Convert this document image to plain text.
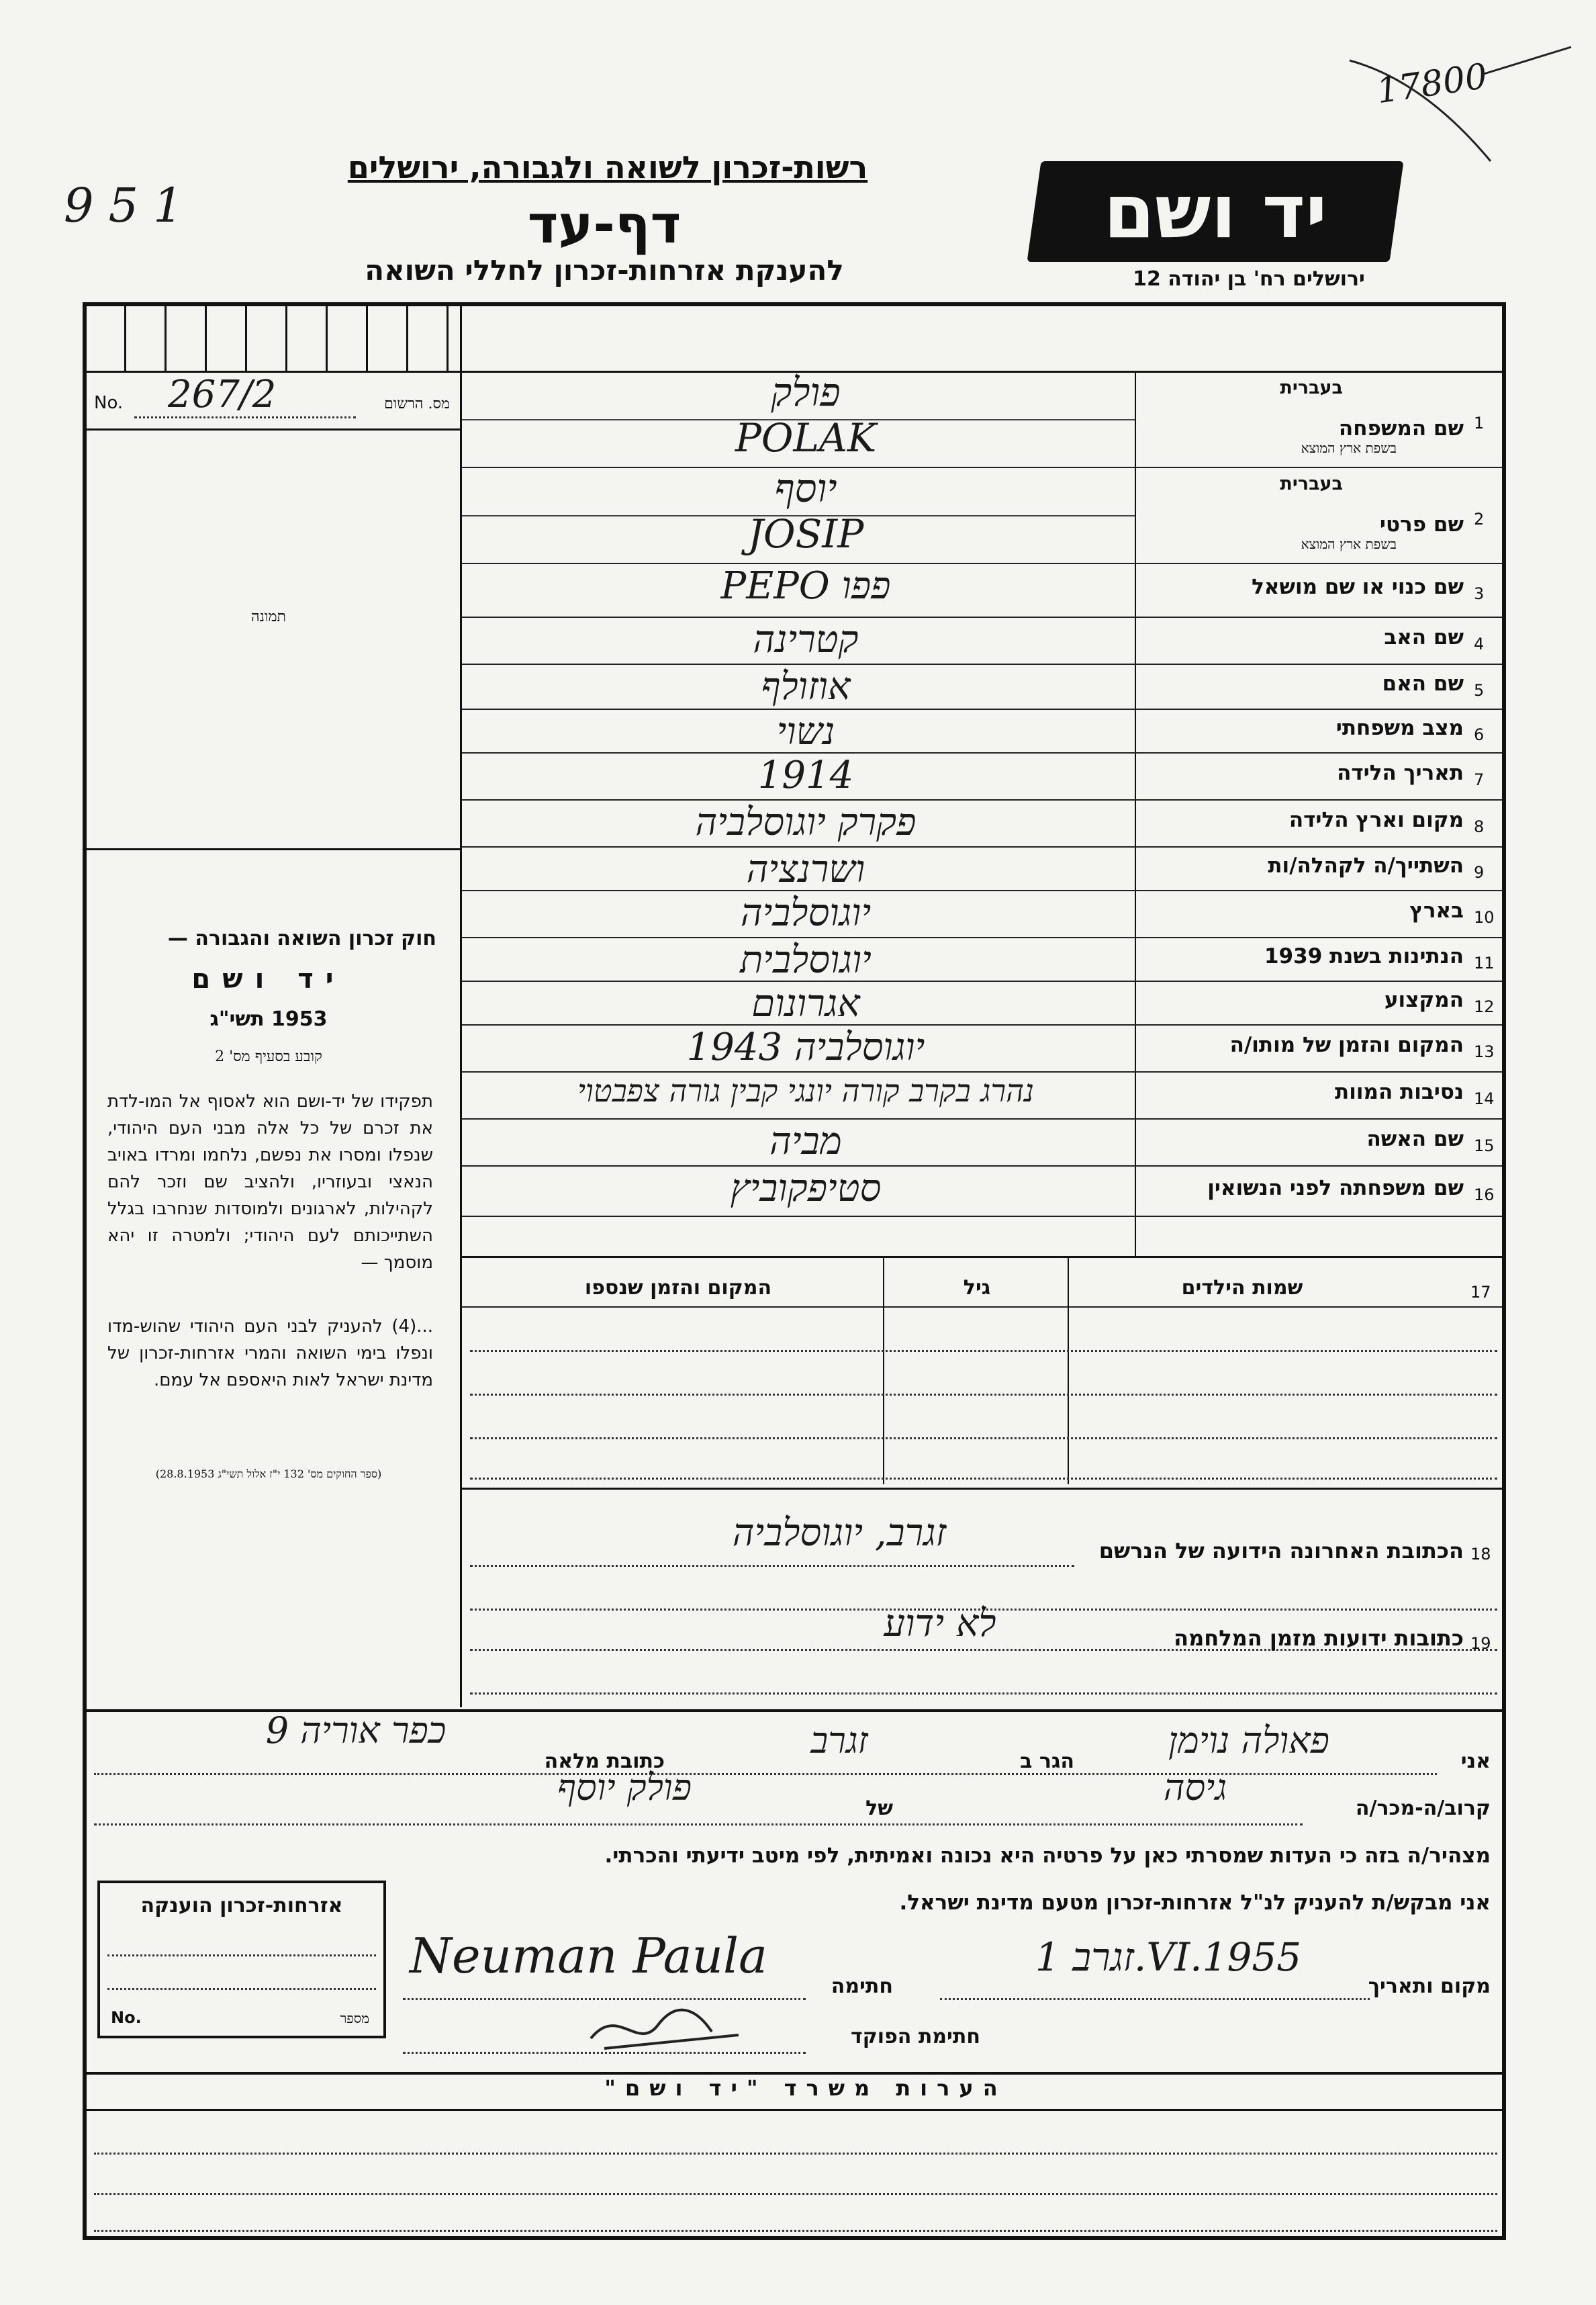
951
17800
רשות-זכרון לשואה ולגבורה, ירושלים
דף-עד
להענקת אזרחות-זכרון לחללי השואה
יד ושם
ירושלים רח' בן יהודה 12
No. 267/2	מס. הרשום
תמונה
חוק זכרון השואה והגבורה —
יד ושם
1953 תשי"ג
קובע בסעיף מס' 2
תפקידו של יד-ושם הוא לאסוף אל המו-לדת את זכרם של כל אלה מבני העם היהודי, שנפלו ומסרו את נפשם, נלחמו ומרדו באויב הנאצי ובעוזריו, ולהציב שם וזכר להם לקהילות, לארגונים ולמוסדות שנחרבו בגלל השתייכותם לעם היהודי; ולמטרה זו יהא מוסמך —
...(4) להעניק לבני העם היהודי שהוש-מדו ונפלו בימי השואה והמרי אזרחות-זכרון של מדינת ישראל לאות היאספם אל עמם.
(ספר החוקים מס' 132 י"ז אלול תשי"ג 28.8.1953)
17
שמות הילדים
גיל
המקום והזמן שנספו
18
הכתובת האחרונה הידועה של הנרשם
זגרב, יוגוסלביה
19
כתובות ידועות מזמן המלחמה
לא ידוע
אני
פאולה נוימן
הגר ב
זגרב
כתובת מלאה
כפר אוריה 9
קרוב/ה-מכר/ה
גיסה
של
פולק יוסף
מצהיר/ה בזה כי העדות שמסרתי כאן על פרטיה היא נכונה ואמיתית, לפי מיטב ידיעתי והכרתי.
אני מבקש/ת להעניק לנ"ל אזרחות-זכרון מטעם מדינת ישראל.
מקום ותאריך
זגרב 1.VI.1955
חתימה
Neuman Paula
חתימת הפוקד
אזרחות-זכרון הוענקה
No.	מספר
הערות משרד "יד ושם"
1
שם המשפחה
בעברית
בשפת ארץ המוצא
פולק
POLAK
2
שם פרטי
בעברית
בשפת ארץ המוצא
יוסף
JOSIP
3
שם כנוי או שם מושאל
פפו PEPO
4
שם האב
קטרינה
5
שם האם
אוזולף
6
מצב משפחתי
נשוי
7
תאריך הלידה
1914
8
מקום וארץ הלידה
פקרק יוגוסלביה
9
השתייך/ה לקהלה/ות
ושרנציה
10
בארץ
יוגוסלביה
11
הנתינות בשנת 1939
יוגוסלבית
12
המקצוע
אגרונום
13
המקום והזמן של מותו/ה
יוגוסלביה 1943
14
נסיבות המוות
נהרג בקרב קורה יונגי קבין גורה צפבטוי
15
שם האשה
מביה
16
שם משפחתה לפני הנשואין
סטיפקוביץ
